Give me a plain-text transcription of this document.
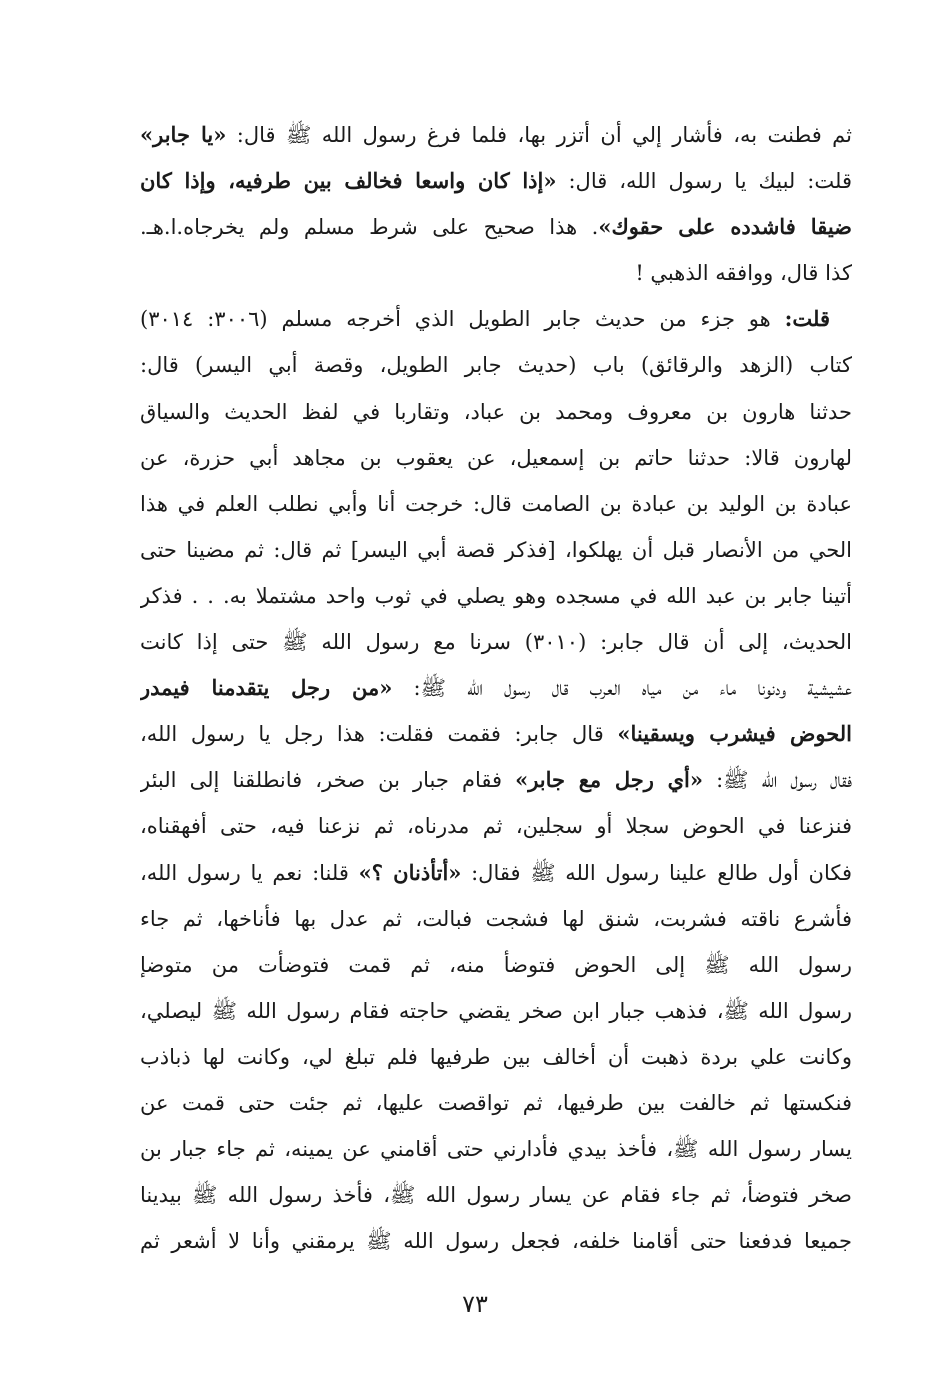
ثم فطنت به، فأشار إلي أن أتزر بها، فلما فرغ رسول الله ﷺ قال: «يا جابر»
قلت: لبيك يا رسول الله، قال: «إذا كان واسعا فخالف بين طرفيه، وإذا كان
ضيقا فاشدده على حقوك». هذا صحيح على شرط مسلم ولم يخرجاه.ا.هـ.
كذا قال، ووافقه الذهبي !
قلت: هو جزء من حديث جابر الطويل الذي أخرجه مسلم (٣٠٠٦: ٣٠١٤)
كتاب (الزهد والرقائق) باب (حديث جابر الطويل، وقصة أبي اليسر) قال:
حدثنا هارون بن معروف ومحمد بن عباد، وتقاربا في لفظ الحديث والسياق
لهارون قالا: حدثنا حاتم بن إسمعيل، عن يعقوب بن مجاهد أبي حزرة، عن
عبادة بن الوليد بن عبادة بن الصامت قال: خرجت أنا وأبي نطلب العلم في هذا
الحي من الأنصار قبل أن يهلكوا، [فذكر قصة أبي اليسر] ثم قال: ثم مضينا حتى
أتينا جابر بن عبد الله في مسجده وهو يصلي في ثوب واحد مشتملا به. . . فذكر
الحديث، إلى أن قال جابر: (٣٠١٠) سرنا مع رسول الله ﷺ حتى إذا كانت
عشيشية ودنونا ماء من مياه العرب قال رسول الله ﷺ: «من رجل يتقدمنا فيمدر
الحوض فيشرب ويسقينا» قال جابر: فقمت فقلت: هذا رجل يا رسول الله،
فقال رسول الله ﷺ: «أي رجل مع جابر» فقام جبار بن صخر، فانطلقنا إلى البئر
فنزعنا في الحوض سجلا أو سجلين، ثم مدرناه، ثم نزعنا فيه، حتى أفهقناه،
فكان أول طالع علينا رسول الله ﷺ فقال: «أتأذنان ؟» قلنا: نعم يا رسول الله،
فأشرع ناقته فشربت، شنق لها فشجت فبالت، ثم عدل بها فأناخها، ثم جاء
رسول الله ﷺ إلى الحوض فتوضأ منه، ثم قمت فتوضأت من متوضإ
رسول الله ﷺ، فذهب جبار ابن صخر يقضي حاجته فقام رسول الله ﷺ ليصلي،
وكانت علي بردة ذهبت أن أخالف بين طرفيها فلم تبلغ لي، وكانت لها ذباذب
فنكستها ثم خالفت بين طرفيها، ثم تواقصت عليها، ثم جئت حتى قمت عن
يسار رسول الله ﷺ، فأخذ بيدي فأدارني حتى أقامني عن يمينه، ثم جاء جبار بن
صخر فتوضأ، ثم جاء فقام عن يسار رسول الله ﷺ، فأخذ رسول الله ﷺ بيدينا
جميعا فدفعنا حتى أقامنا خلفه، فجعل رسول الله ﷺ يرمقني وأنا لا أشعر ثم
٧٣
